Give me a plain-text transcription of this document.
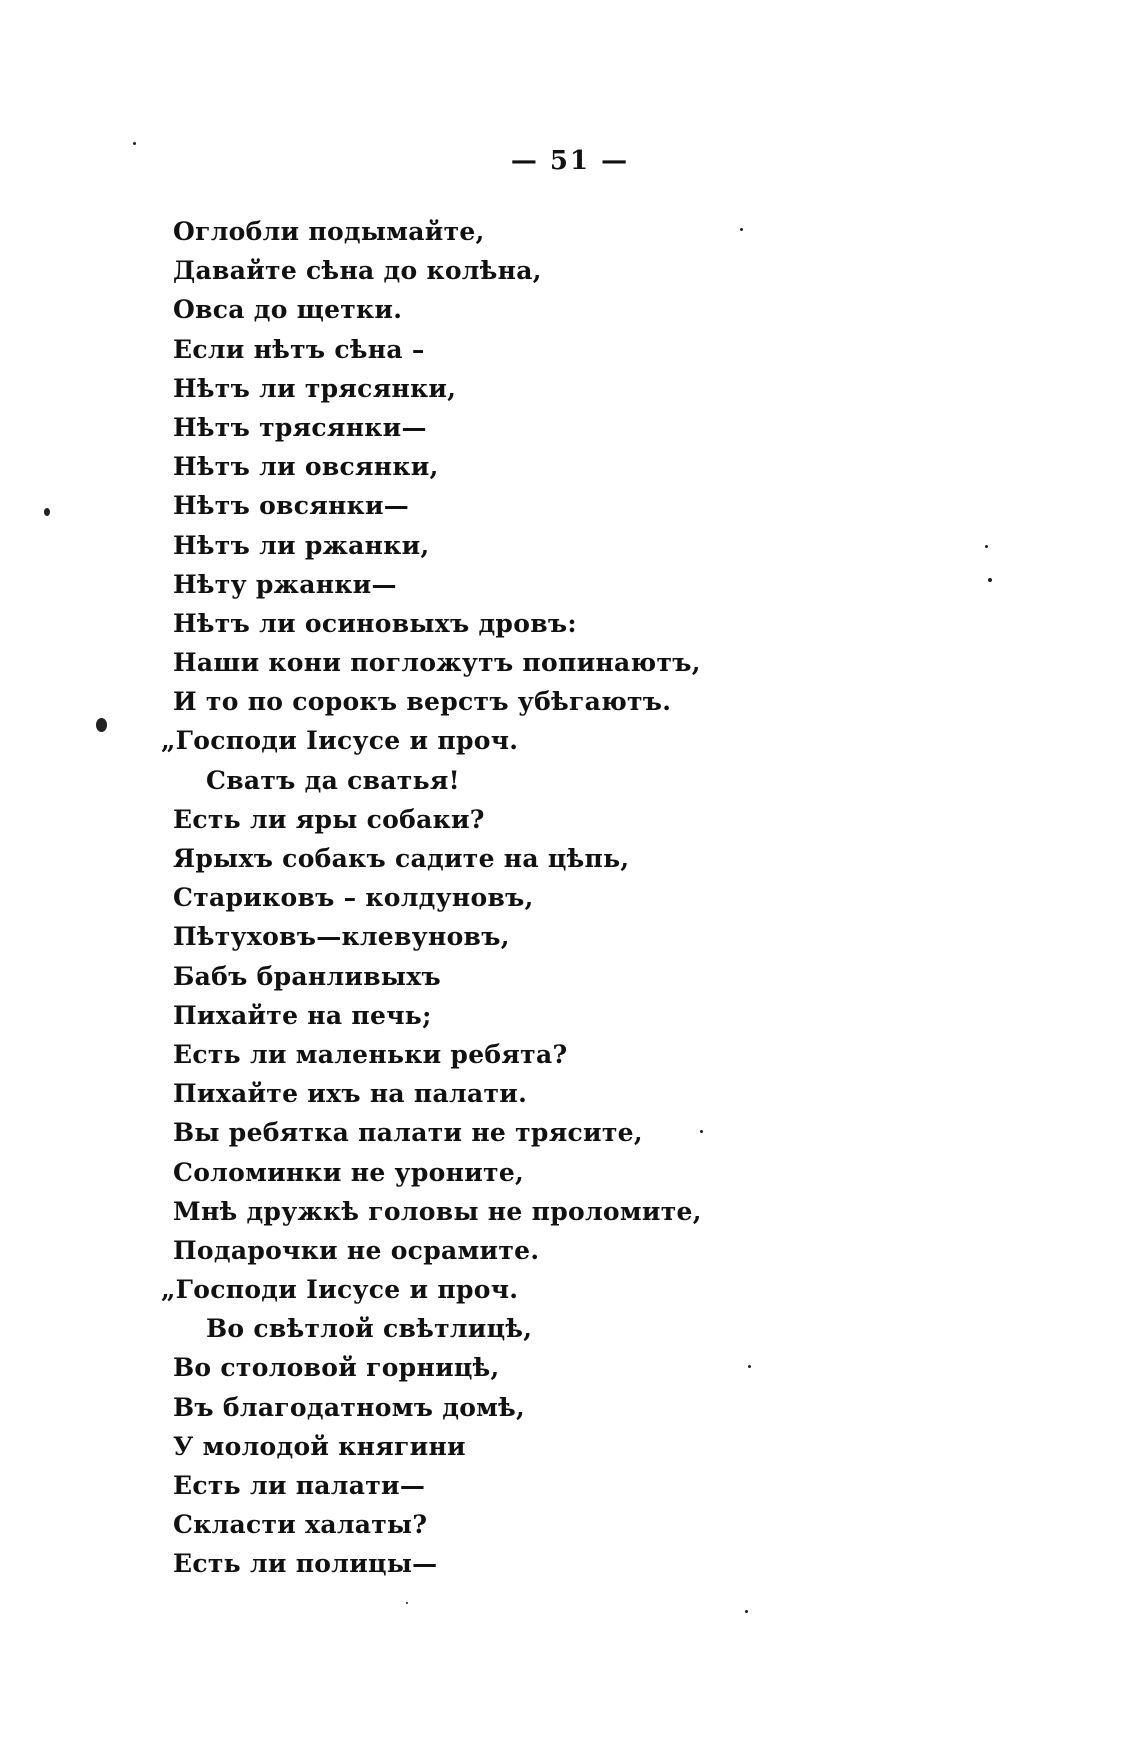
— 51 —
Оглобли подымайте,
Давайте сѣна до колѣна,
Овса до щетки.
Если нѣтъ сѣна –
Нѣтъ ли трясянки,
Нѣтъ трясянки—
Нѣтъ ли овсянки,
Нѣтъ овсянки—
Нѣтъ ли ржанки,
Нѣту ржанки—
Нѣтъ ли осиновыхъ дровъ:
Наши кони погложутъ попинаютъ,
И то по сорокъ верстъ убѣгаютъ.
„Господи Іисусе и проч.
Сватъ да сватья!
Есть ли яры собаки?
Ярыхъ собакъ садите на цѣпь,
Стариковъ – колдуновъ,
Пѣтуховъ—клевуновъ,
Бабъ бранливыхъ
Пихайте на печь;
Есть ли маленьки ребята?
Пихайте ихъ на палати.
Вы ребятка палати не трясите,
Соломинки не уроните,
Мнѣ дружкѣ головы не проломите,
Подарочки не осрамите.
„Господи Іисусе и проч.
Во свѣтлой свѣтлицѣ,
Во столовой горницѣ,
Въ благодатномъ домѣ,
У молодой княгини
Есть ли палати—
Скласти халаты?
Есть ли полицы—
